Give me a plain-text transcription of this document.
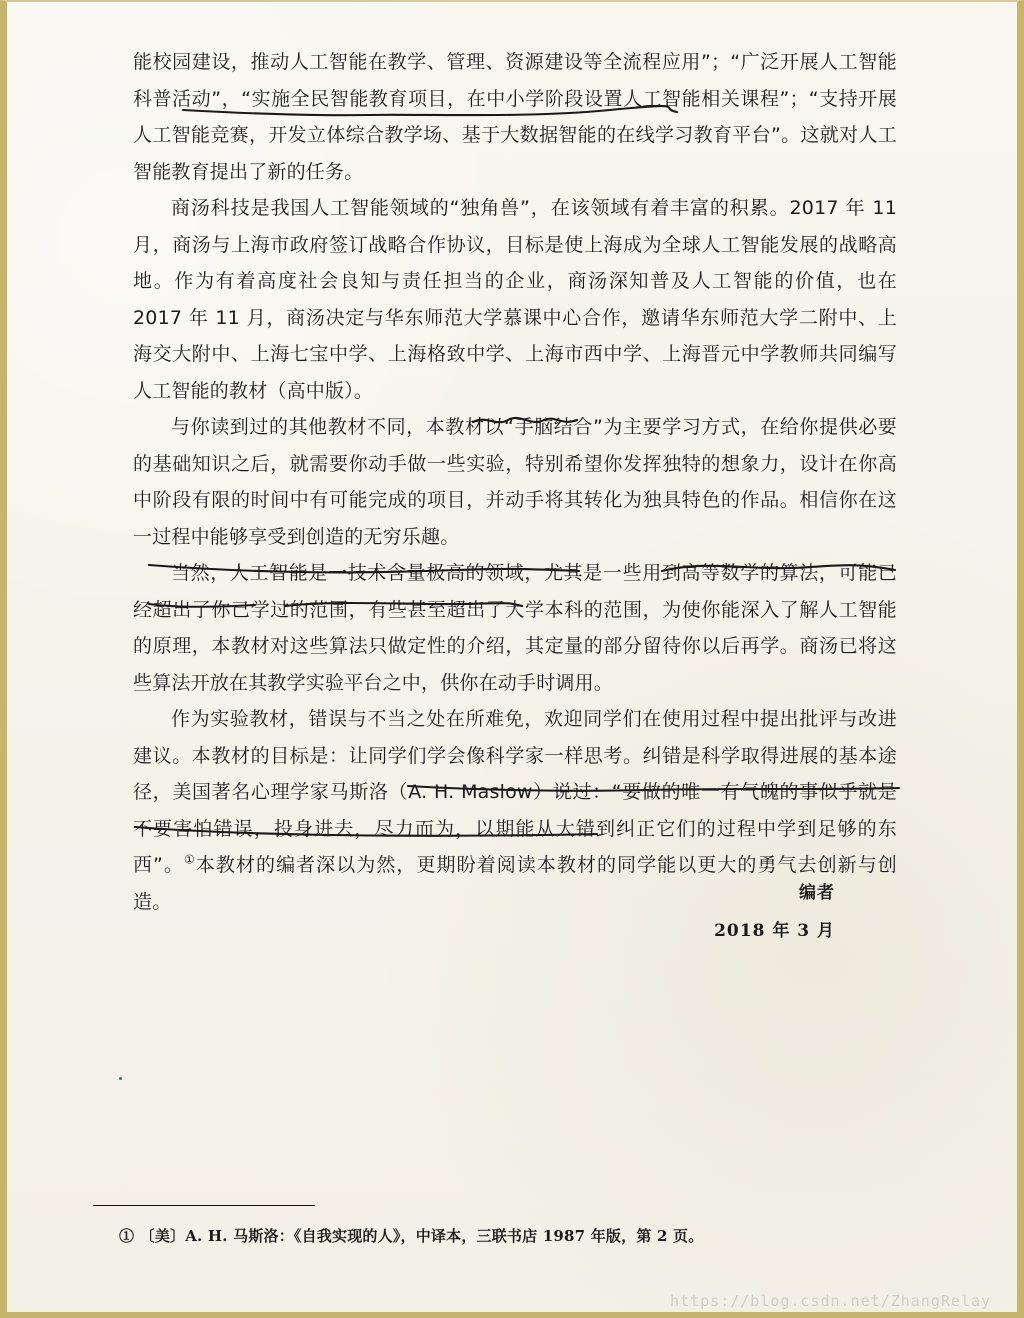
能校园建设，推动人工智能在教学、管理、资源建设等全流程应用”；“广泛开展人工智能科普活动”，“实施全民智能教育项目，在中小学阶段设置人工智能相关课程”；“支持开展人工智能竞赛，开发立体综合教学场、基于大数据智能的在线学习教育平台”。这就对人工智能教育提出了新的任务。

商汤科技是我国人工智能领域的“独角兽”，在该领域有着丰富的积累。2017 年 11 月，商汤与上海市政府签订战略合作协议，目标是使上海成为全球人工智能发展的战略高地。作为有着高度社会良知与责任担当的企业，商汤深知普及人工智能的价值，也在 2017 年 11 月，商汤决定与华东师范大学慕课中心合作，邀请华东师范大学二附中、上海交大附中、上海七宝中学、上海格致中学、上海市西中学、上海晋元中学教师共同编写人工智能的教材（高中版）。

与你读到过的其他教材不同，本教材以“手脑结合”为主要学习方式，在给你提供必要的基础知识之后，就需要你动手做一些实验，特别希望你发挥独特的想象力，设计在你高中阶段有限的时间中有可能完成的项目，并动手将其转化为独具特色的作品。相信你在这一过程中能够享受到创造的无穷乐趣。

当然，人工智能是一技术含量极高的领域，尤其是一些用到高等数学的算法，可能已经超出了你已学过的范围，有些甚至超出了大学本科的范围，为使你能深入了解人工智能的原理，本教材对这些算法只做定性的介绍，其定量的部分留待你以后再学。商汤已将这些算法开放在其教学实验平台之中，供你在动手时调用。

作为实验教材，错误与不当之处在所难免，欢迎同学们在使用过程中提出批评与改进建议。本教材的目标是：让同学们学会像科学家一样思考。纠错是科学取得进展的基本途径，美国著名心理学家马斯洛（A. H. Maslow）说过：“要做的唯一有气魄的事似乎就是不要害怕错误，投身进去，尽力而为，以期能从大错到纠正它们的过程中学到足够的东西”。①本教材的编者深以为然，更期盼着阅读本教材的同学能以更大的勇气去创新与创造。	编者
2018 年 3 月
① 〔美〕A. H. 马斯洛：《自我实现的人》，中译本，三联书店 1987 年版，第 2 页。
https://blog.csdn.net/ZhangRelay
